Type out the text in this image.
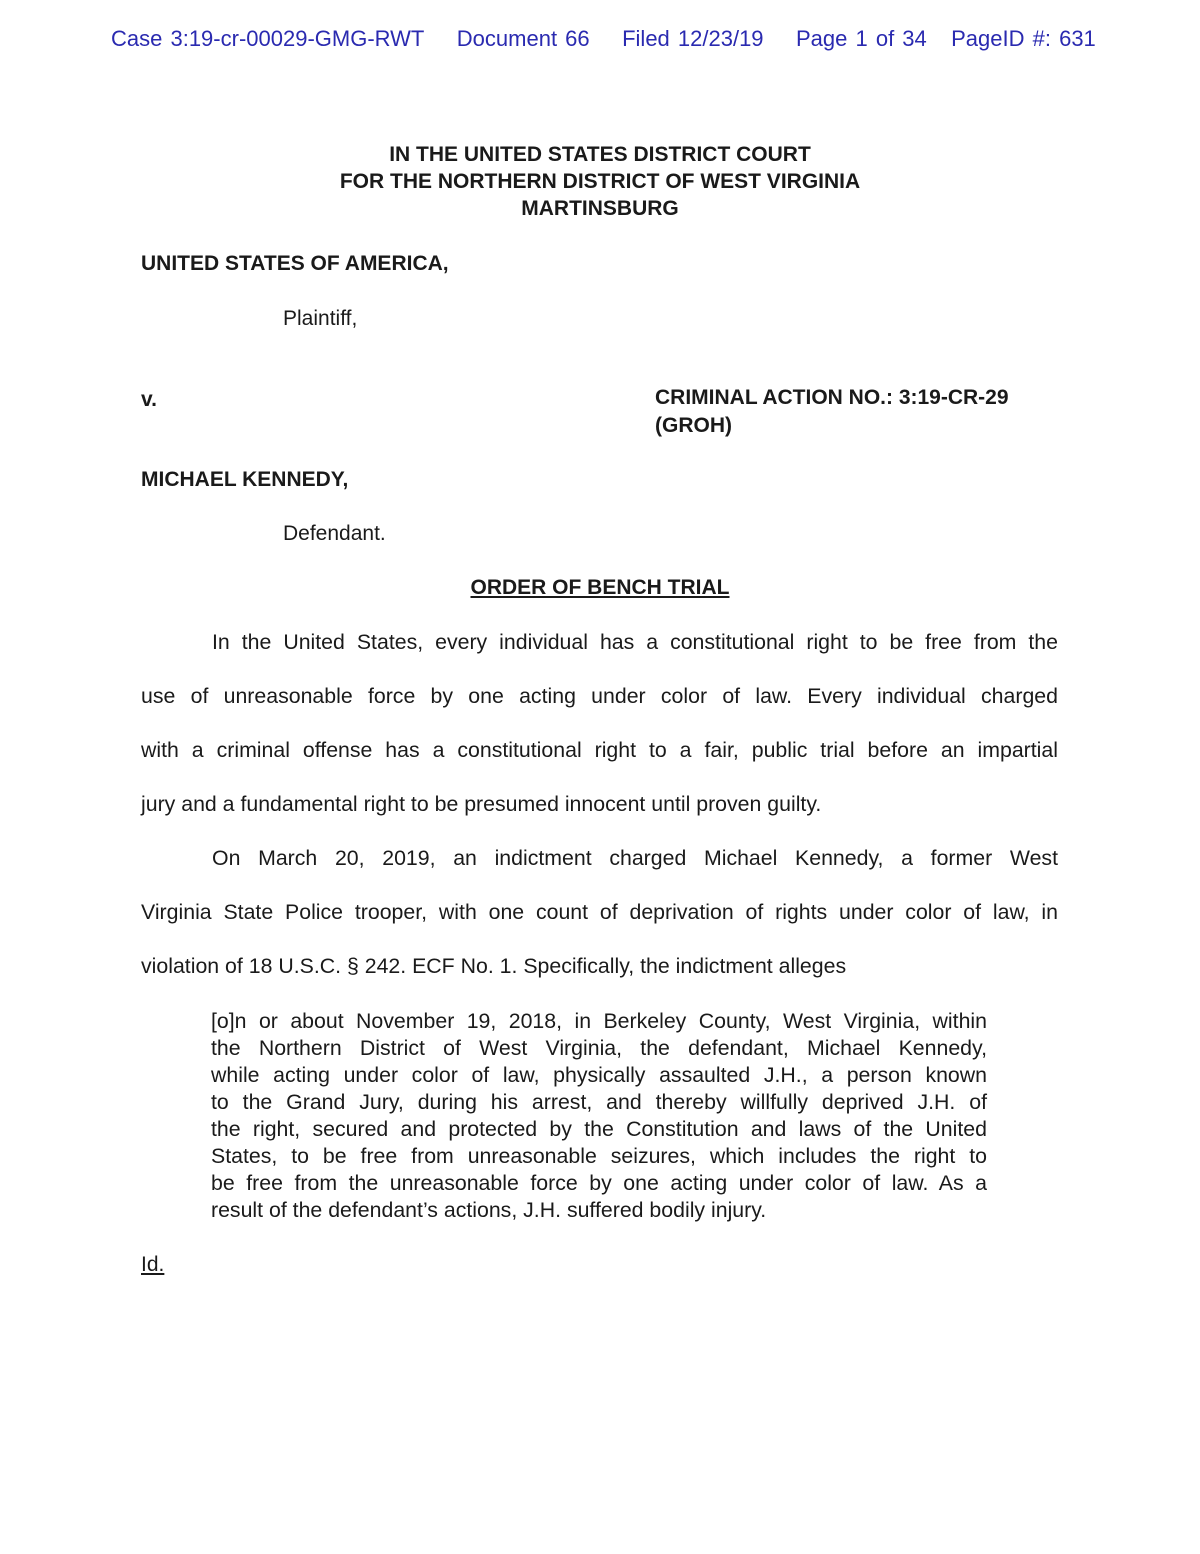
Case 3:19-cr-00029-GMG-RWT Document 66 Filed 12/23/19 Page 1 of 34 PageID #: 631
IN THE UNITED STATES DISTRICT COURT
FOR THE NORTHERN DISTRICT OF WEST VIRGINIA
MARTINSBURG
UNITED STATES OF AMERICA,
Plaintiff,
v.	CRIMINAL ACTION NO.: 3:19-CR-29
(GROH)
MICHAEL KENNEDY,
Defendant.
ORDER OF BENCH TRIAL
In the United States, every individual has a constitutional right to be free from the
use of unreasonable force by one acting under color of law. Every individual charged
with a criminal offense has a constitutional right to a fair, public trial before an impartial
jury and a fundamental right to be presumed innocent until proven guilty.
On March 20, 2019, an indictment charged Michael Kennedy, a former West
Virginia State Police trooper, with one count of deprivation of rights under color of law, in
violation of 18 U.S.C. § 242. ECF No. 1. Specifically, the indictment alleges
[o]n or about November 19, 2018, in Berkeley County, West Virginia, within
the Northern District of West Virginia, the defendant, Michael Kennedy,
while acting under color of law, physically assaulted J.H., a person known
to the Grand Jury, during his arrest, and thereby willfully deprived J.H. of
the right, secured and protected by the Constitution and laws of the United
States, to be free from unreasonable seizures, which includes the right to
be free from the unreasonable force by one acting under color of law. As a
result of the defendant’s actions, J.H. suffered bodily injury.
Id.
